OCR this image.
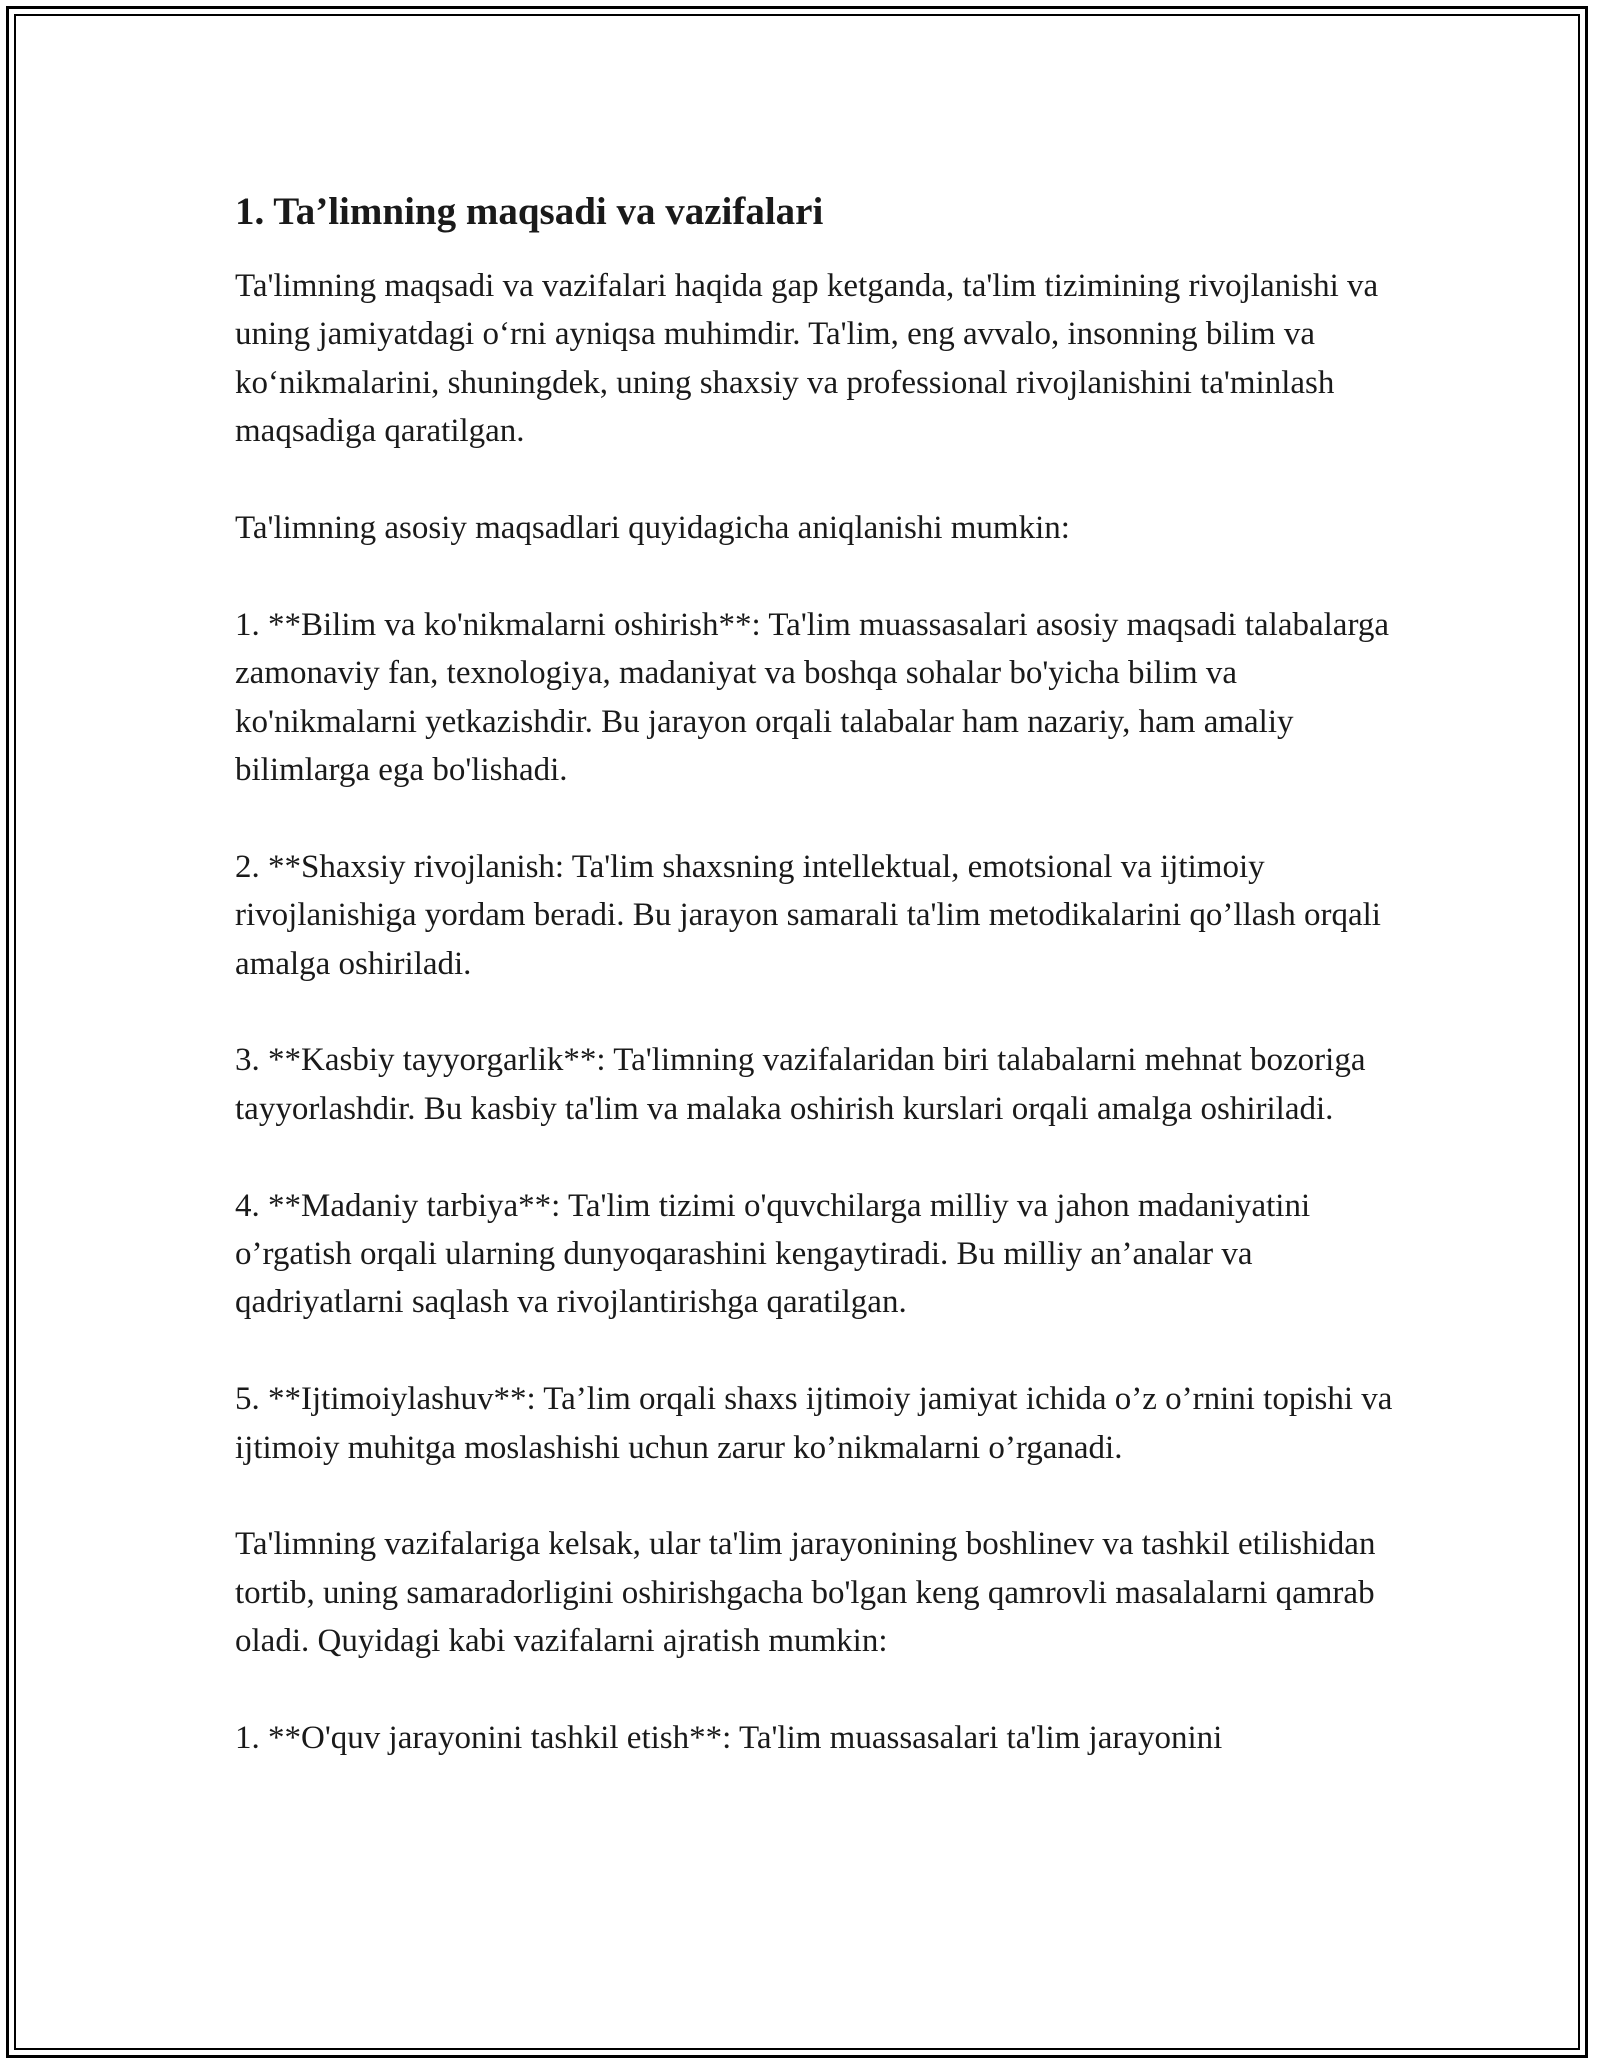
1. Ta’limning maqsadi va vazifalari

Ta'limning maqsadi va vazifalari haqida gap ketganda, ta'lim tizimining rivojlanishi va uning jamiyatdagi o‘rni ayniqsa muhimdir. Ta'lim, eng avvalo, insonning bilim va ko‘nikmalarini, shuningdek, uning shaxsiy va professional rivojlanishini ta'minlash maqsadiga qaratilgan.

Ta'limning asosiy maqsadlari quyidagicha aniqlanishi mumkin:

1. **Bilim va ko'nikmalarni oshirish**: Ta'lim muassasalari asosiy maqsadi talabalarga zamonaviy fan, texnologiya, madaniyat va boshqa sohalar bo'yicha bilim va ko'nikmalarni yetkazishdir. Bu jarayon orqali talabalar ham nazariy, ham amaliy bilimlarga ega bo'lishadi.

2. **Shaxsiy rivojlanish: Ta'lim shaxsning intellektual, emotsional va ijtimoiy rivojlanishiga yordam beradi. Bu jarayon samarali ta'lim metodikalarini qo’llash orqali amalga oshiriladi.

3. **Kasbiy tayyorgarlik**: Ta'limning vazifalaridan biri talabalarni mehnat bozoriga tayyorlashdir. Bu kasbiy ta'lim va malaka oshirish kurslari orqali amalga oshiriladi.

4. **Madaniy tarbiya**: Ta'lim tizimi o'quvchilarga milliy va jahon madaniyatini o’rgatish orqali ularning dunyoqarashini kengaytiradi. Bu milliy an’analar va qadriyatlarni saqlash va rivojlantirishga qaratilgan.

5. **Ijtimoiylashuv**: Ta’lim orqali shaxs ijtimoiy jamiyat ichida o’z o’rnini topishi va ijtimoiy muhitga moslashishi uchun zarur ko’nikmalarni o’rganadi.

Ta'limning vazifalariga kelsak, ular ta'lim jarayonining boshlinev va tashkil etilishidan tortib, uning samaradorligini oshirishgacha bo'lgan keng qamrovli masalalarni qamrab oladi. Quyidagi kabi vazifalarni ajratish mumkin:

1. **O'quv jarayonini tashkil etish**: Ta'lim muassasalari ta'lim jarayonini
